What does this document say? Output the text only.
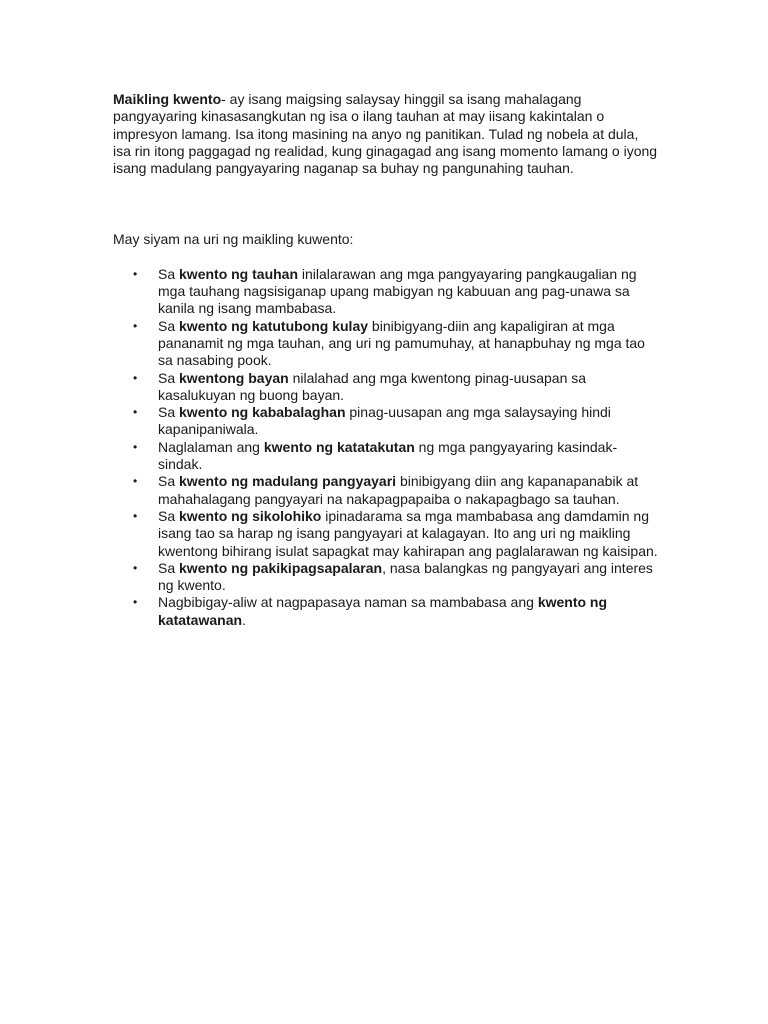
Maikling kwento- ay isang maigsing salaysay hinggil sa isang mahalagang pangyayaring kinasasangkutan ng isa o ilang tauhan at may iisang kakintalan o impresyon lamang. Isa itong masining na anyo ng panitikan. Tulad ng nobela at dula, isa rin itong paggagad ng realidad, kung ginagagad ang isang momento lamang o iyong isang madulang pangyayaring naganap sa buhay ng pangunahing tauhan.

May siyam na uri ng maikling kuwento:

• Sa kwento ng tauhan inilalarawan ang mga pangyayaring pangkaugalian ng mga tauhang nagsisiganap upang mabigyan ng kabuuan ang pag-unawa sa kanila ng isang mambabasa.
• Sa kwento ng katutubong kulay binibigyang-diin ang kapaligiran at mga pananamit ng mga tauhan, ang uri ng pamumuhay, at hanapbuhay ng mga tao sa nasabing pook.
• Sa kwentong bayan nilalahad ang mga kwentong pinag-uusapan sa kasalukuyan ng buong bayan.
• Sa kwento ng kababalaghan pinag-uusapan ang mga salaysaying hindi kapanipaniwala.
• Naglalaman ang kwento ng katatakutan ng mga pangyayaring kasindak-sindak.
• Sa kwento ng madulang pangyayari binibigyang diin ang kapanapanabik at mahahalagang pangyayari na nakapagpapaiba o nakapagbago sa tauhan.
• Sa kwento ng sikolohiko ipinadarama sa mga mambabasa ang damdamin ng isang tao sa harap ng isang pangyayari at kalagayan. Ito ang uri ng maikling kwentong bihirang isulat sapagkat may kahirapan ang paglalarawan ng kaisipan.
• Sa kwento ng pakikipagsapalaran, nasa balangkas ng pangyayari ang interes ng kwento.
• Nagbibigay-aliw at nagpapasaya naman sa mambabasa ang kwento ng katatawanan.
